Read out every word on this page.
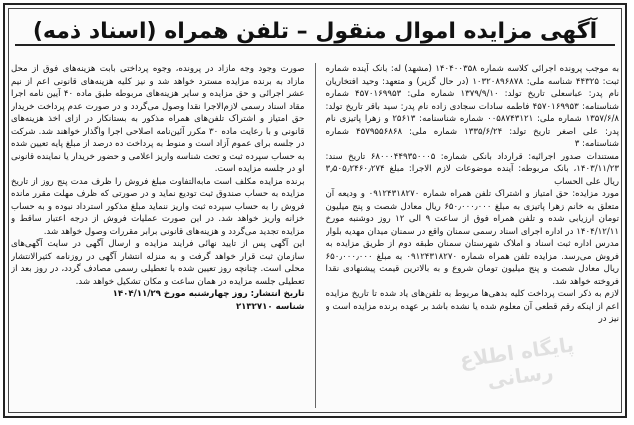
آگهی مزایده اموال منقول – تلفن همراه (اسناد ذمه)

صورت وجود وجه مازاد در پرونده، وجوه پرداختی بابت هزینه‌های فوق از محل مازاد به برنده مزایده مسترد خواهد شد و نیز کلیه هزینه‌های قانونی اعم از نیم عشر اجرائی و حق مزایده و سایر هزینه‌های مربوطه طبق ماده ۴۰ آیین نامه اجرا مقاد اسناد رسمی لازم‌الاجرا نقدا وصول می‌گردد و در صورت عدم پرداخت خریدار حق امتیاز و اشتراک تلفن‌های همراه مذکور به بستانکار در ازای اخذ هزینه‌های قانونی و با رعایت ماده ۳۰ مکرر آئین‌نامه اصلاحی اجرا واگذار خواهند شد. شرکت در جلسه برای عموم آزاد است و منوط به پرداخت ده درصد از مبلغ پایه تعیین شده به حساب سپرده ثبت و تحت شناسه واریز اعلامی و حضور خریدار یا نماینده قانونی او در جلسه مزایده است.

برنده مزایده مکلف است مابه‌التفاوت مبلغ فروش را ظرف مدت پنج روز از تاریخ مزایده به حساب صندوق ثبت تودیع نماید و در صورتی که ظرف مهلت مقرر مانده فروش را به حساب سپرده ثبت واریز ننماید مبلغ مذکور استرداد نبوده و به حساب خزانه واریز خواهد شد. در این صورت عملیات فروش از درجه اعتبار ساقط و مزایده تجدید می‌گردد و هزینه‌های قانونی برابر مقررات وصول خواهد شد.

این آگهی پس از تایید نهائی فرایند مزایده و ارسال آگهی در سایت آگهی‌های سازمان ثبت قرار خواهد گرفت و به منزله انتشار آگهی در روزنامه کثیرالانتشار محلی است. چنانچه روز تعیین شده با تعطیلی رسمی مصادف گردد، در روز بعد از تعطیلی جلسه مزایده در همان ساعت و مکان تشکیل خواهد شد.

تاریخ انتشار: روز چهارشنبه مورخ ۱۴۰۴/۱۱/۲۹

شناسه ۲۱۳۲۷۱۰

به موجب پرونده اجرائی کلاسه شماره ۱۴۰۴۰۰۳۵۸ (مشهد) له: بانک آینده شماره ثبت: ۴۴۳۲۵ شناسه ملی: ۱۰۳۲۰۸۹۶۸۷۸ (در حال گزیر) و متعهد: وحید افتخاریان نام پدر: عباسعلی تاریخ تولد: ۱۳۷۹/۹/۱۰ شماره ملی: ۴۵۷۰۱۶۹۹۵۳ شماره شناسنامه: ۴۵۷۰۱۶۹۹۵۳ فاطمه سادات سجادی زاده نام پدر: سید باقر تاریخ تولد: ۱۳۵۷/۶/۸ شماره ملی: ۰۰۵۸۷۴۳۱۲۱ شماره شناسنامه: ۲۵۶۱۳ و زهرا پاتیزی نام پدر: علی اصغر تاریخ تولد: ۱۳۳۵/۶/۲۴ شماره ملی: ۴۵۷۹۵۵۶۸۶۸ شماره شناسنامه: ۳

مستندات صدور اجرائیه: قرارداد بانکی شماره: ۶۸۰۰۰۴۴۹۳۵۰۰۰۵ تاریخ سند: ۱۴۰۳/۱۱/۲۳، بانک مربوطه: آینده موضوعات لازم الاجرا: مبلغ ۳٫۵۰۵٫۲۴۶۰٫۲۷۴ ریال علی الحساب

مورد مزایده: حق امتیاز و اشتراک تلفن همراه شماره ۰۹۱۲۴۳۱۸۲۷۰ و ودیعه آن متعلق به خانم زهرا پاتیزی به مبلغ ۶۵۰٫۰۰۰٫۰۰۰ ریال معادل شصت و پنج میلیون تومان ارزیابی شده و تلفن همراه فوق از ساعت ۹ الی ۱۲ روز دوشنبه مورخ ۱۴۰۴/۱۲/۱۱ در اداره اجرای اسناد رسمی سمنان واقع در سمنان میدان مهدیه بلوار مدرس اداره ثبت اسناد و املاک شهرستان سمنان طبقه دوم از طریق مزایده به فروش می‌رسد. مزایده تلفن همراه شماره ۰۹۱۲۴۳۱۸۲۷۰ به مبلغ ۶۵۰٫۰۰۰٫۰۰۰ ریال معادل شصت و پنج میلیون تومان شروع و به بالاترین قیمت پیشنهادی نقدا فروخته خواهد شد.

لازم به ذکر است پرداخت کلیه بدهی‌ها مربوط به تلفن‌های یاد شده تا تاریخ مزایده اعم از اینکه رقم قطعی آن معلوم شده یا نشده باشد بر عهده برنده مزایده است و نیز در

پایگاه اطلاع رسانی
